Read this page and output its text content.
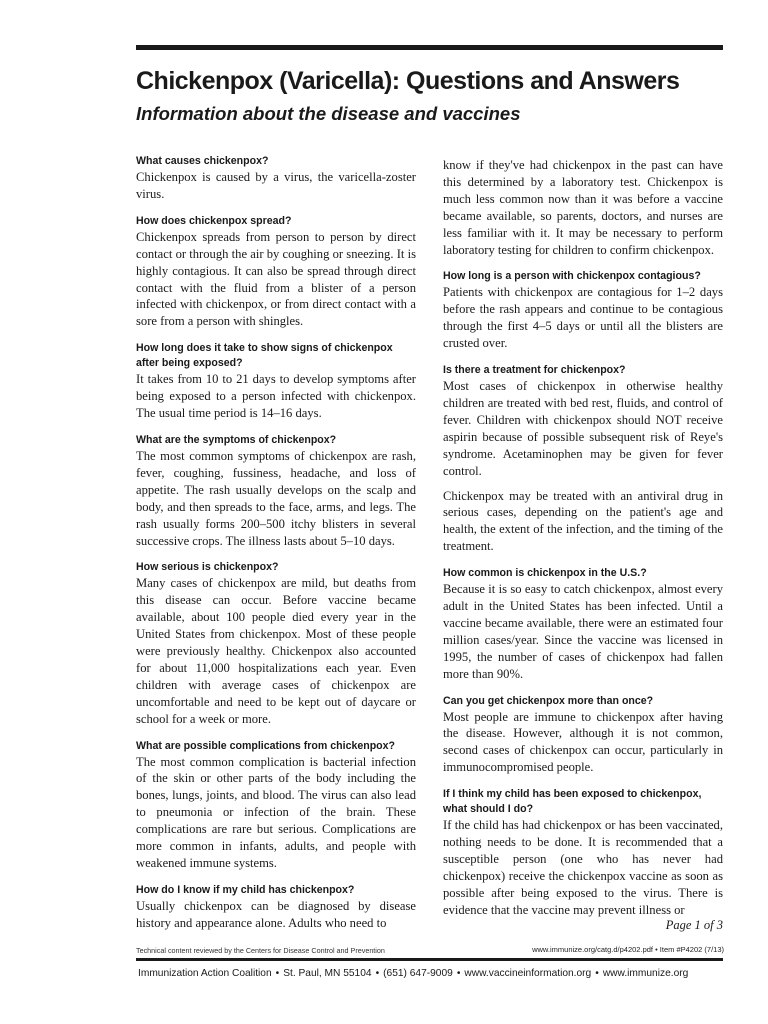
Chickenpox (Varicella): Questions and Answers
Information about the disease and vaccines

What causes chickenpox?

Chickenpox is caused by a virus, the varicella-zoster virus.

How does chickenpox spread?

Chickenpox spreads from person to person by direct contact or through the air by coughing or sneezing. It is highly contagious. It can also be spread through direct contact with the fluid from a blister of a person infected with chickenpox, or from direct contact with a sore from a person with shingles.

How long does it take to show signs of chickenpox after being exposed?

It takes from 10 to 21 days to develop symptoms after being exposed to a person infected with chickenpox. The usual time period is 14–16 days.

What are the symptoms of chickenpox?

The most common symptoms of chickenpox are rash, fever, coughing, fussiness, headache, and loss of appetite. The rash usually develops on the scalp and body, and then spreads to the face, arms, and legs. The rash usually forms 200–500 itchy blisters in several successive crops. The illness lasts about 5–10 days.

How serious is chickenpox?

Many cases of chickenpox are mild, but deaths from this disease can occur. Before vaccine became available, about 100 people died every year in the United States from chickenpox. Most of these people were previously healthy. Chickenpox also accounted for about 11,000 hospitalizations each year. Even children with average cases of chickenpox are uncomfortable and need to be kept out of daycare or school for a week or more.

What are possible complications from chickenpox?

The most common complication is bacterial infection of the skin or other parts of the body including the bones, lungs, joints, and blood. The virus can also lead to pneumonia or infection of the brain. These complications are rare but serious. Complications are more common in infants, adults, and people with weakened immune systems.

How do I know if my child has chickenpox?

Usually chickenpox can be diagnosed by disease history and appearance alone. Adults who need to

know if they've had chickenpox in the past can have this determined by a laboratory test. Chickenpox is much less common now than it was before a vaccine became available, so parents, doctors, and nurses are less familiar with it. It may be necessary to perform laboratory testing for children to confirm chickenpox.

How long is a person with chickenpox contagious?

Patients with chickenpox are contagious for 1–2 days before the rash appears and continue to be contagious through the first 4–5 days or until all the blisters are crusted over.

Is there a treatment for chickenpox?

Most cases of chickenpox in otherwise healthy children are treated with bed rest, fluids, and control of fever. Children with chickenpox should NOT receive aspirin because of possible subsequent risk of Reye's syndrome. Acetaminophen may be given for fever control.

Chickenpox may be treated with an antiviral drug in serious cases, depending on the patient's age and health, the extent of the infection, and the timing of the treatment.

How common is chickenpox in the U.S.?

Because it is so easy to catch chickenpox, almost every adult in the United States has been infected. Until a vaccine became available, there were an estimated four million cases/year. Since the vaccine was licensed in 1995, the number of cases of chickenpox had fallen more than 90%.

Can you get chickenpox more than once?

Most people are immune to chickenpox after having the disease. However, although it is not common, second cases of chickenpox can occur, particularly in immunocompromised people.

If I think my child has been exposed to chickenpox, what should I do?

If the child has had chickenpox or has been vaccinated, nothing needs to be done. It is recommended that a susceptible person (one who has never had chickenpox) receive the chickenpox vaccine as soon as possible after being exposed to the virus. There is evidence that the vaccine may prevent illness or

Page 1 of 3
Technical content reviewed by the Centers for Disease Control and Prevention	www.immunize.org/catg.d/p4202.pdf • Item #P4202 (7/13)
Immunization Action Coalition • St. Paul, MN 55104 • (651) 647-9009 • www.vaccineinformation.org • www.immunize.org
